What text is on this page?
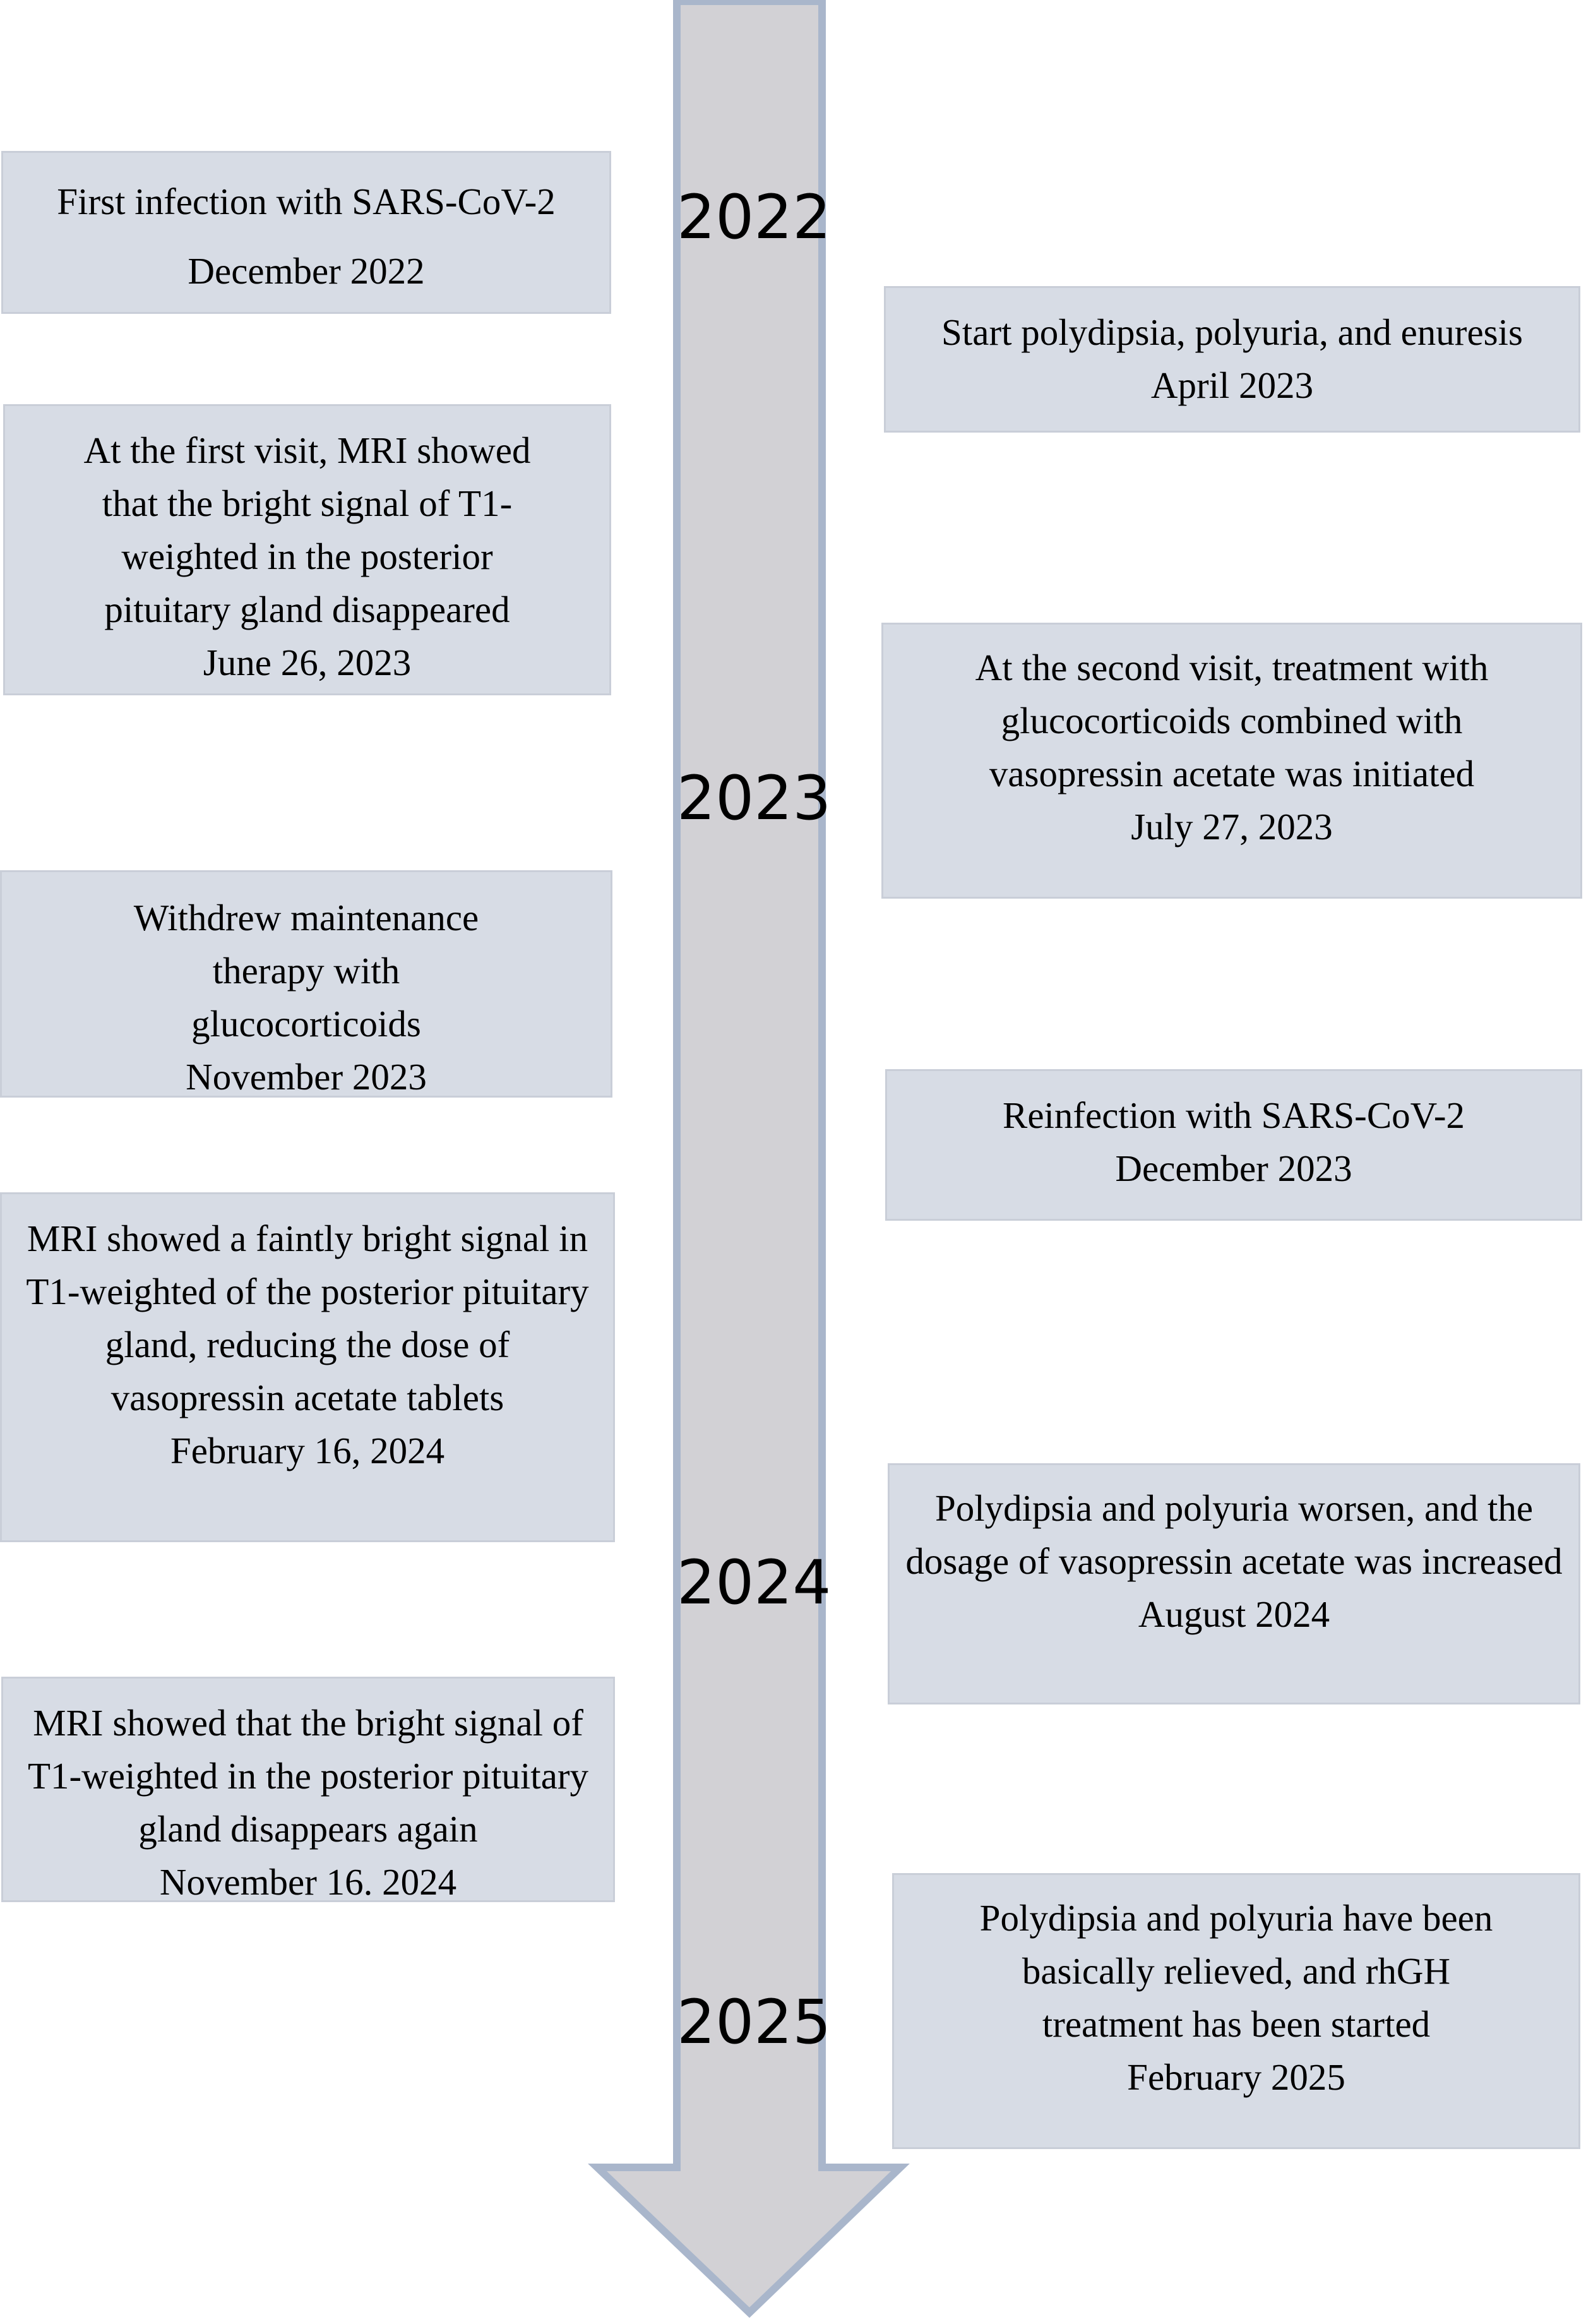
2022
2023
2024
2025
First infection with SARS-CoV-2
December 2022
At the first visit, MRI showed that the bright signal of T1-weighted in the posterior pituitary gland disappeared
June 26, 2023
Withdrew maintenance therapy with glucocorticoids
November 2023
MRI showed a faintly bright signal in T1-weighted of the posterior pituitary gland, reducing the dose of vasopressin acetate tablets
February 16, 2024
MRI showed that the bright signal of T1-weighted in the posterior pituitary gland disappears again
November 16. 2024
Start polydipsia, polyuria, and enuresis
April 2023
At the second visit, treatment with glucocorticoids combined with vasopressin acetate was initiated
July 27, 2023
Reinfection with SARS-CoV-2
December 2023
Polydipsia and polyuria worsen, and the dosage of vasopressin acetate was increased
August 2024
Polydipsia and polyuria have been basically relieved, and rhGH treatment has been started
February 2025
